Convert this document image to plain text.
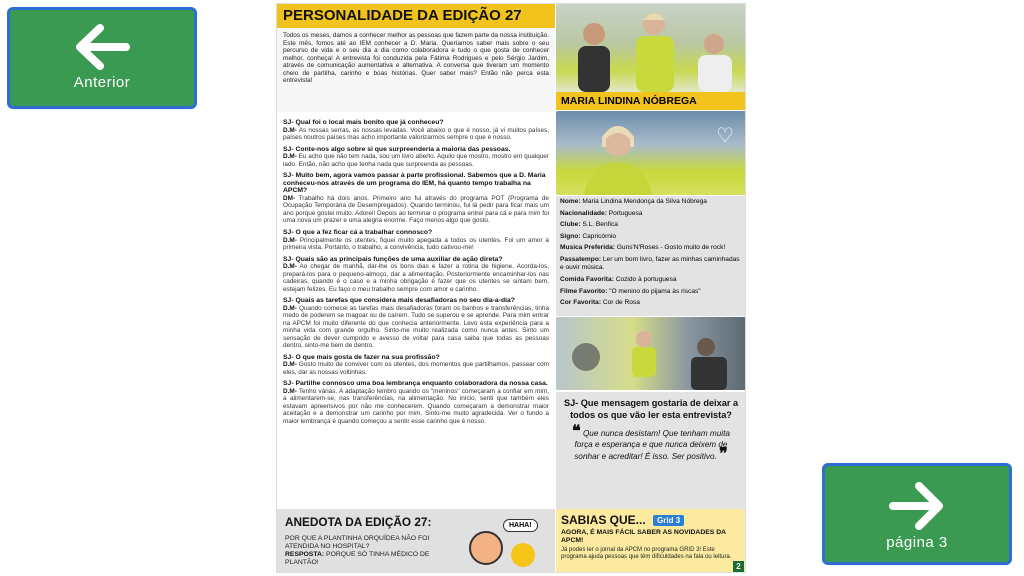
Anterior
página 3
PERSONALIDADE DA EDIÇÃO 27
Todos os meses, damos a conhecer melhor as pessoas que fazem parte da nossa instituição. Este mês, fomos até ao IEM conhecer a D. Maria. Queríamos saber mais sobre o seu percurso de vida e o seu dia a dia como colaboradora e tudo o que gosta de conhecer melhor, conheça! A entrevista foi conduzida pela Fátima Rodrigues e pelo Sérgio Jardim, através de comunicação aumentativa e alternativa. A conversa que tiveram um momento cheio de partilha, carinho e boas histórias. Quer saber mais? Então não perca esta entrevista!
SJ- Qual foi o local mais bonito que já conheceu?
D.M- As nossas serras, as nossas levadas. Você abaixo o que é nosso, já vi muitos países, países noutros países mas acho importante valorizarmos sempre o que é nosso.
SJ- Conte-nos algo sobre si que surpreenderia a maioria das pessoas.
D.M- Eu acho que não tem nada, sou um livro aberto. Aquilo que mostro, mostro em qualquer lado. Então, não acho que tenha nada que surpreenda as pessoas.
SJ- Muito bem, agora vamos passar à parte profissional. Sabemos que a D. Maria conheceu-nos através de um programa do IEM, há quanto tempo trabalha na APCM?
DM- Trabalho há dois anos. Primeiro ano fui através do programa POT (Programa de Ocupação Temporária de Desempregados). Quando terminou, fui lá pedir para ficar mais um ano porque gostei muito. Adorei! Depois ao terminar o programa entrei para cá e para mim foi uma nova um prazer e uma alegria enorme. Faço menos algo que gosto.
SJ- O que a fez ficar cá a trabalhar connosco?
D.M- Principalmente os utentes, fiquei muito apegada a todos os utentes. Foi um amor à primeira vista. Portanto, o trabalho, a convivência, tudo cativou-me!
SJ- Quais são as principais funções de uma auxiliar de ação direta?
D.M- Ao chegar de manhã, dar-lhe os bons dias e fazer a rotina de higiene. Acorda-los, prepará-los para o pequeno-almoço, dar a alimentação. Posteriormente encaminhar-los nas cadeiras, quando é o caso e a minha obrigação é fazer que os utentes se sintam bem, estejam felizes. Eu faço o meu trabalho sempre com amor e carinho.
SJ- Quais as tarefas que considera mais desafiadoras no seu dia-a-dia?
D.M- Quando comecei as tarefas mais desafiadoras foram os banhos e transferências, tinha medo de poderem se magoar ou de caírem. Tudo se superou e se aprende. Para mim entrar na APCM foi muito diferente do que conhecia anteriormente. Levo esta experiência para a minha vida com grande orgulho. Sinto-me muito realizada como nunca antes. Sinto um sensação de dever cumprido e avesso de voltar para casa saiba que todas as pessoas dentro, sinto-me bem de dentro.
SJ- O que mais gosta de fazer na sua profissão?
D.M- Gosto muito de conviver com os utentes, dos momentos que partilhamos, passear com eles, dar as nossas voltinhas.
SJ- Partilhe connosco uma boa lembrança enquanto colaboradora da nossa casa.
D.M- Tenho várias. A adaptação lembro quando os "meninos" começaram a confiar em mim, a alimentarem-se, nas transferências, na alimentação. No início, senti que também eles estavam apreensivos por não me conhecerem. Quando começaram a demonstrar maior aceitação e a demonstrar um carinho por mim. Sinto-me muito agradecida. Ver o fundo a maior lembrança é quando começou a sentir esse carinho que é nosso.
MARIA LINDINA NÓBREGA
♡
Nome: Maria Lindina Mendonça da Silva Nóbrega
Nacionalidade: Portuguesa
Clube: S.L. Benfica
Signo: Capricórnio
Musica Preferida: Guns'N'Roses - Gosto muito de rock!
Passatempo: Ler um bom livro, fazer as minhas caminhadas e ouvir música.
Comida Favorita: Cozido à portuguesa
Filme Favorito: "O menino do pijama às riscas"
Cor Favorita: Cor de Rosa
SJ- Que mensagem gostaria de deixar a todos os que vão ler esta entrevista?
❝ Que nunca desistam! Que tenham muita força e esperança e que nunca deixem de sonhar e acreditar! É isso. Ser positivo. ❞
ANEDOTA DA EDIÇÃO 27:
POR QUE A PLANTINHA ORQUÍDEA NÃO FOI ATENDIDA NO HOSPITAL?
RESPOSTA: PORQUE SÓ TINHA MÉDICO DE PLANTÃO!
HAHA!	SABIAS QUE... Grid 3
AGORA, É MAIS FÁCIL SABER AS NOVIDADES DA APCM!
Já podes ler o jornal da APCM no programa GRID 3! Este programa ajuda pessoas que têm dificuldades na fala ou leitura.
2
